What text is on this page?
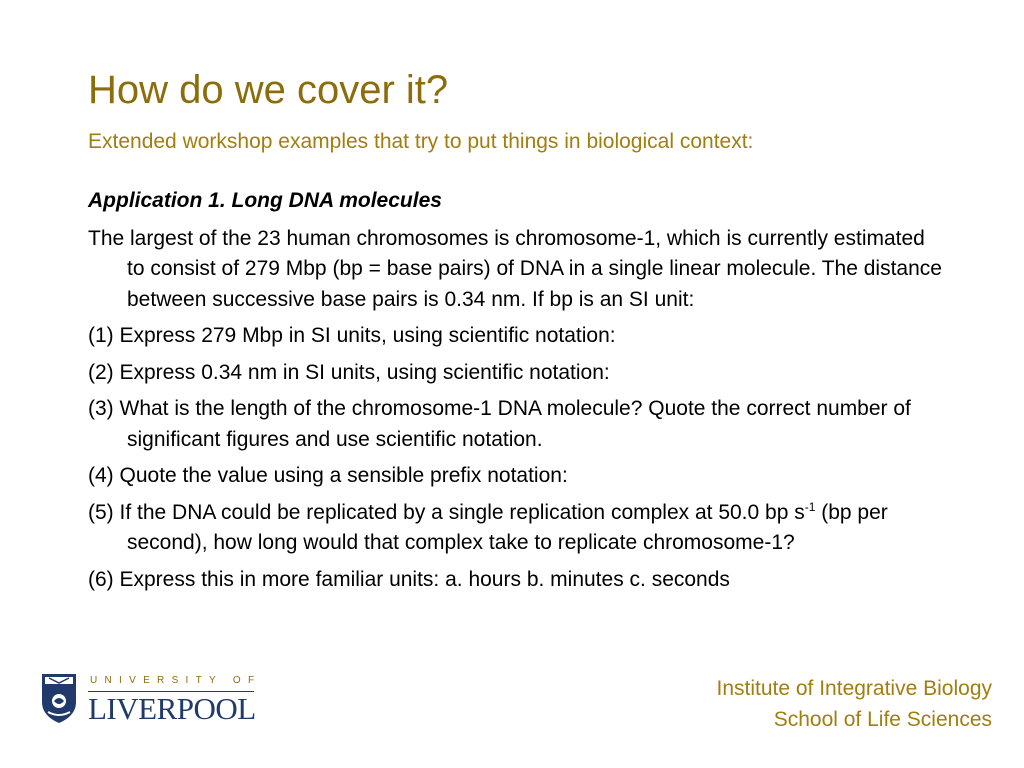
How do we cover it?
Extended workshop examples that try to put things in biological context:
Application 1. Long DNA molecules
The largest of the 23 human chromosomes is chromosome-1, which is currently estimated to consist of 279 Mbp (bp = base pairs) of DNA in a single linear molecule. The distance between successive base pairs is 0.34 nm. If bp is an SI unit:
(1) Express 279 Mbp in SI units, using scientific notation:
(2) Express 0.34 nm in SI units, using scientific notation:
(3) What is the length of the chromosome-1 DNA molecule? Quote the correct number of significant figures and use scientific notation.
(4) Quote the value using a sensible prefix notation:
(5) If the DNA could be replicated by a single replication complex at 50.0 bp $s^{-1}$ (bp per second), how long would that complex take to replicate chromosome-1?
(6) Express this in more familiar units: a. hours b. minutes c. seconds
UNIVERSITY OF
LIVERPOOL
Institute of Integrative Biology
School of Life Sciences
